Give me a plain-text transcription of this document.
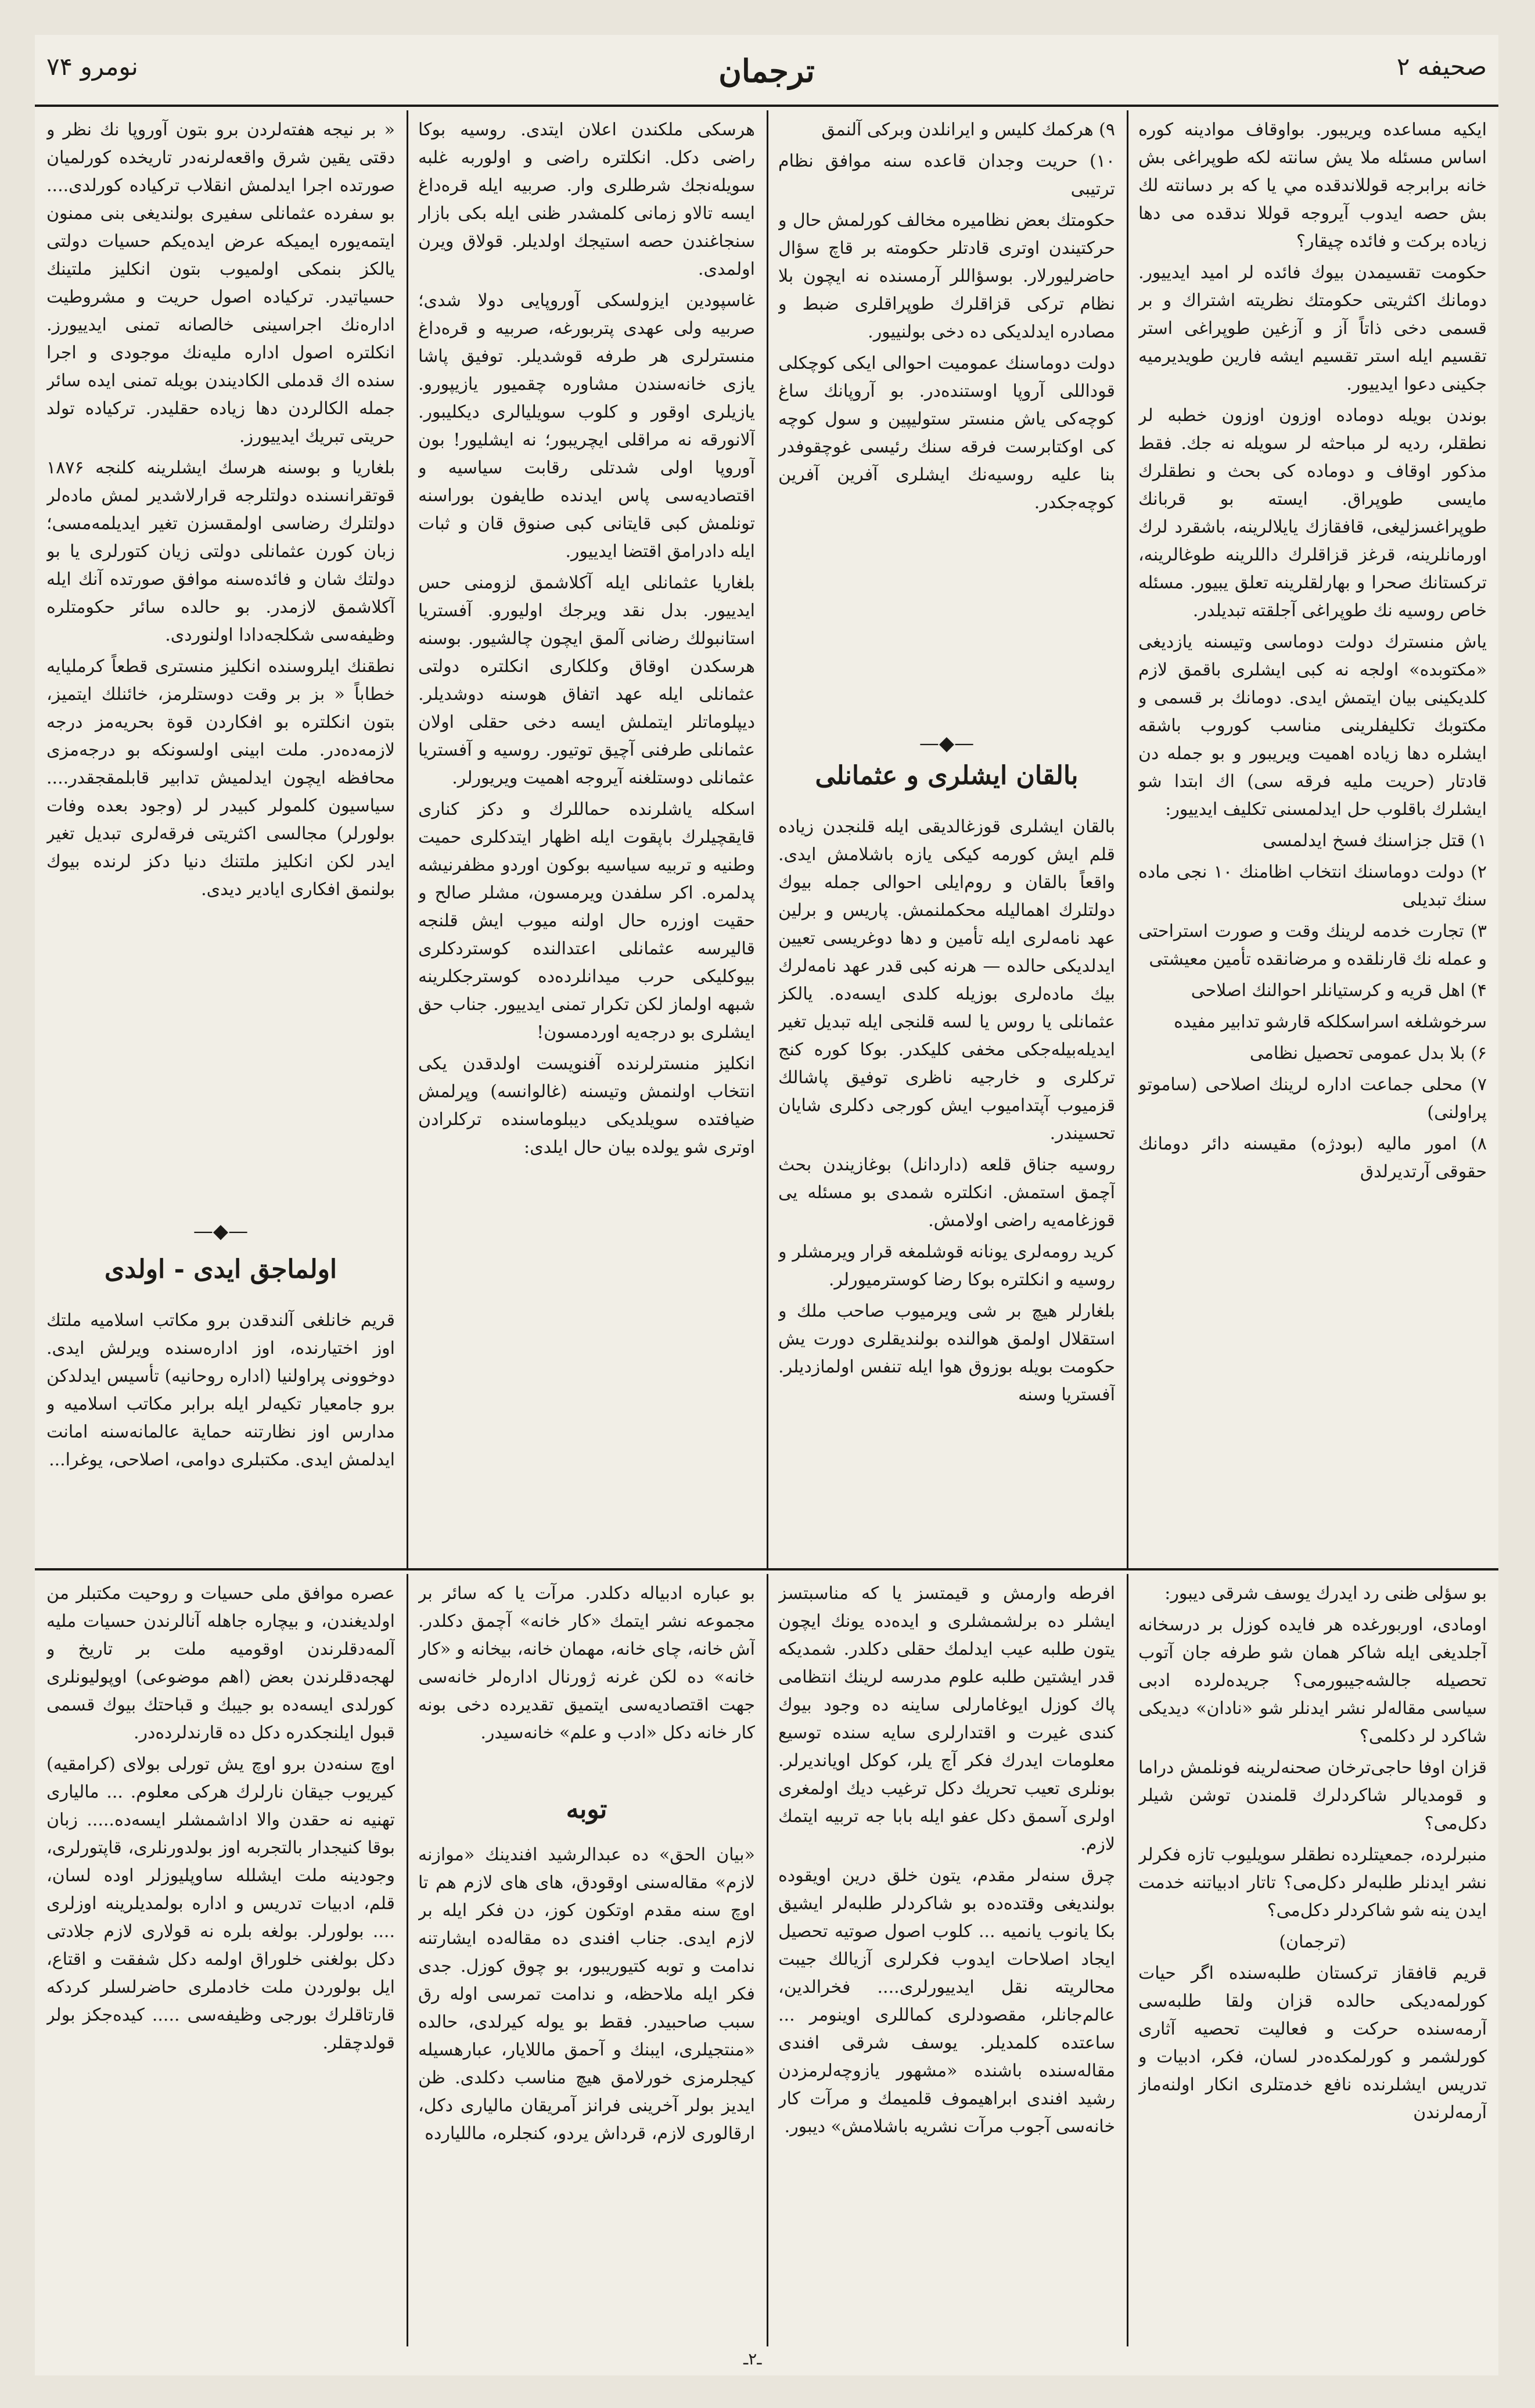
صحیفه ۲
ترجمان
نومرو ۷۴

ایکیه مساعده ویریبور. بواوقاف موادینه کوره اساس مسئله ملا یش سانته لکه طوپراغی بش خانه برابرجه قوللاندقده مي یا که بر دسانته لك بش حصه ایدوب آیروجه قوللا ندقده می دها زیاده برکت و فائده چیقار؟

حکومت تقسیمدن بیوك فائده لر امید ایدییور. دومانك اکثریتی حکومتك نظریته اشتراك و بر قسمی دخی ذاتاً آز و آزغین طوپراغی استر تقسیم ایله استر تقسیم ایشه فارین طویدیرمیه جکینی دعوا ایدییور.

بوندن بویله دوماده اوزون اوزون خطبه لر نطقلر، ردیه لر مباحثه لر سویله نه جك. فقط مذکور اوقاف و دوماده کی بحث و نطقلرك مایسی طوپراق. ایسته بو قربانك طوپراغسزلیغی، قافقازك یایلالرینه، باشقرد لرك اورمانلرینه، قرغز قزاقلرك داللرینه طوغالرینه، ترکستانك صحرا و بهارلقلرینه تعلق یبیور. مسئله خاص روسیه نك طوپراغی آجلقته تبدیلدر.

یاش منسترك دولت دوماسی وتیسنه یازدیغی «مکتوبده» اولجه نه کبی ایشلری باقمق لازم کلدیکینی بیان ایتمش ایدی. دومانك بر قسمی و مکتوبك تکلیفلرینی مناسب کوروب باشقه ایشلره دها زیاده اهمیت ویریبور و بو جمله دن قادتار (حریت ملیه فرقه سی) اك ابتدا شو ایشلرك باقلوب حل ایدلمسنی تکلیف ایدییور:

۱) قتل جزاسنك فسخ ایدلمسی

۲) دولت دوماسنك انتخاب اظامنك ۱۰ نجی ماده سنك تبدیلی

۳) تجارت خدمه لرینك وقت و صورت استراحتی و عمله نك قارنلقده و مرضانقده تأمین معیشتی

۴) اهل قریه و کرستیانلر احوالنك اصلاحی

سرخوشلغه اسراسکلکه قارشو تدابیر مفیده

۶) بلا بدل عمومی تحصیل نظامی

۷) محلی جماعت اداره لرینك اصلاحی (ساموتو پراولنی)

۸) امور مالیه (بودژه) مقیسنه دائر دومانك حقوقی آرتدیرلدق

۹) هرکمك کلیس و ایرانلدن وبرکی آلنمق

۱۰) حریت وجدان قاعده سنه موافق نظام ترتیبی

حکومتك بعض نظامیره مخالف کورلمش حال و حرکتیندن اوتری قادتلر حکومته بر قاچ سؤال حاضرلیورلار. بوسؤاللر آرمسنده نه ایچون بلا نظام ترکی قزاقلرك طوپراقلری ضبط و مصادره ایدلدیکی ده دخی بولنییور.

دولت دوماسنك عمومیت احوالی ایکی کوچکلی قوداللی آروپا اوستنده‌در. بو آروپانك ساغ کوچه‌کی یاش منستر ستولیپین و سول کوچه کی اوکتابرست فرقه سنك رئیسی غوچقوفدر بنا علیه روسیه‌نك ایشلری آفرین آفرین کوچه‌جکدر.

—◆—
بالقان ایشلری و عثمانلی

بالقان ایشلری قوزغالدیقی ایله قلنجدن زیاده قلم ایش کورمه کیکی یازه باشلامش ایدی. واقعاً بالقان و روم‌ایلی احوالی جمله بیوك دولتلرك اهمالیله محکملنمش. پاریس و برلین عهد نامه‌لری ایله تأمین و دها دوغریسی تعیین ایدلدیکی حالده — هرنه کبی قدر عهد نامه‌لرك بیك ماده‌لری بوزیله کلدی ایسه‌ده. یالکز عثمانلی یا روس یا لسه قلنجی ایله تبدیل تغیر ایدیله‌بیله‌جکی مخفی کلیکدر. بوکا کوره کنج ترکلری و خارجیه ناظری توفیق پاشالك قزمیوب آپتدامیوب ایش کورجی دکلری شایان تحسیندر.

روسیه جناق قلعه (داردانل) بوغازیندن بحث آچمق استمش. انکلتره شمدی بو مسئله یی قوزغامه‌یه راضی اولامش.

کرید رومه‌لری یونانه قوشلمغه قرار ویرمشلر و روسیه و انکلتره بوکا رضا کوسترمیورلر.

بلغارلر هیچ بر شی ویرمیوب صاحب ملك و استقلال اولمق هوالنده بولندیقلری دورت یش حکومت بویله بوزوق هوا ایله تنفس اولمازدیلر. آفستریا وسنه

هرسکی ملکندن اعلان ایتدی. روسیه بوکا راضی دکل. انکلتره راضی و اولوربه غلبه سویله‌نجك شرطلری وار. صربیه ایله قره‌داغ ایسه تالاو زمانی کلمشدر ظنی ایله بکی بازار سنجاغندن حصه استیجك اولدیلر. قولاق ویرن اولمدی.

غاسپودین ایزولسکی آوروپایی دولا شدی؛ صربیه ولی عهدی پتربورغه، صربیه و قره‌داغ منسترلری هر طرفه قوشدیلر. توفیق پاشا یازی خانه‌سندن مشاوره چقمیور یازیپورو. یازیلری اوقور و کلوب سویلیالری دیکلیبور. آلانورقه نه مراقلی ایچریبور؛ نه ایشلیور! بون آوروپا اولی شدتلی رقابت سیاسیه و اقتصادیه‌سی پاس ایدنده طایفون بوراسنه تونلمش کبی قایتانی کبی صنوق قان و ثبات ایله دادرامق اقتضا ایدییور.

بلغاریا عثمانلی ایله آکلاشمق لزومنی حس ایدییور. بدل نقد ویرجك اولیورو. آفستریا استانبولك رضانی آلمق ایچون چالشیور. بوسنه هرسکدن اوقاق وکلکاری انکلتره دولتی عثمانلی ایله عهد اتفاق هوسنه دوشدیلر. دیپلوماتلر ایتملش ایسه دخی حقلی اولان عثمانلی طرفنی آچیق توتیور. روسیه و آفستریا عثمانلی دوستلغنه آیروجه اهمیت ویریورلر.

اسکله یاشلرنده حماللرك و دکز کناری قایقچیلرك باپقوت ایله اظهار ایتدکلری حمیت وطنیه و تربیه سیاسیه بوکون اوردو مظفرنیشه پدلمره. اکر سلفدن ویرمسون، مشلر صالح و حقیت اوزره حال اولنه میوب ایش قلنجه قالیرسه عثمانلی اعتدالنده کوستردکلری بیوکلیکی حرب میدانلرده‌ده کوسترجکلرینه شبهه اولماز لکن تکرار تمنی ایدییور. جناب حق ایشلری بو درجه‌یه اوردمسون!

انکلیز منسترلرنده آفنویست اولدقدن یکی انتخاب اولنمش وتیسنه (غالوانسه) وپرلمش ضیافتده سویلدیکی دیبلوماسنده ترکلرادن اوتری شو یولده بیان حال ایلدی:

« بر نیجه هفته‌لردن برو بتون آوروپا نك نظر و دقتی یقین شرق واقعه‌لرنه‌در تاریخده کورلمیان صورتده اجرا ایدلمش انقلاب ترکیاده کورلدی.... بو سفرده عثمانلی سفیری بولندیغی بنی ممنون ایتمه‌یوره ایمیکه عرض ایده‌یکم حسیات دولتی یالکز بنمکی اولمیوب بتون انکلیز ملتینك حسیاتیدر. ترکیاده اصول حریت و مشروطیت اداره‌نك اجراسینی خالصانه تمنی ایدییورز. انکلتره اصول اداره ملیه‌نك موجودی و اجرا سنده اك قدملی الکادیندن بویله تمنی ایده سائر جمله الکالردن دها زیاده حقلیدر. ترکیاده تولد حریتی تبریك ایدییورز.

بلغاریا و بوسنه هرسك ایشلرینه کلنجه ۱۸۷۶ قوتقرانسنده دولتلرجه قرارلاشدیر لمش ماده‌لر دولتلرك رضاسی اولمقسزن تغیر ایدیلمه‌مسی؛ زبان کورن عثمانلی دولتی زیان کتورلری یا بو دولتك شان و فائده‌سنه موافق صورتده آنك ایله آکلاشمق لازمدر. بو حالده سائر حکومتلره وظیفه‌سی شکلجه‌دادا اولنوردی.

نطقنك ایلروسنده انکلیز منستری قطعاً کرملیایه خطاباً « بز بر وقت دوستلرمز، خائنلك ایتمیز، بتون انکلتره بو افکاردن قوة بحریه‌مز درجه لازمه‌ده‌در. ملت ابینی اولسونکه بو درجه‌مزی محافظه ایچون ایدلمیش تدابیر قابلمقجقدر.... سیاسیون کلمولر کبیدر لر (وجود بعده وفات بولورلر) مجالسی اکثریتی فرقه‌لری تبدیل تغیر ایدر لکن انکلیز ملتنك دنیا دکز لرنده بیوك بولنمق افکاری ایادیر دیدی.

—◆—
اولماجق ایدی - اولدی

قریم خانلغی آلندقدن برو مکاتب اسلامیه ملتك اوز اختیارنده، اوز اداره‌سنده ویرلش ایدی. دوخوونی پراولنیا (اداره روحانیه) تأسیس ایدلدکن برو جامعیار تکیه‌لر ایله برابر مکاتب اسلامیه و مدارس اوز نظارتنه حمایة عالمانه‌سنه امانت ایدلمش ایدی. مکتبلری دوامی، اصلاحی، یوغرا...

بو سؤلی ظنی رد ایدرك یوسف شرقی دیبور:

اومادی، اوربورغده هر فایده کوزل بر درسخانه آجلدیغی ایله شاکر همان شو طرفه جان آتوب تحصیله جالشه‌جیبورمی؟ جریده‌لرده ادبی سیاسی مقاله‌لر نشر ایدنلر شو «نادان» دیدیکی شاکرد لر دکلمی؟

قزان اوفا حاجی‌ترخان صحنه‌لرینه فونلمش دراما و قومدیالر شاکردلرك قلمندن توشن شیلر دکل‌می؟

منبرلرده، جمعیتلرده نطقلر سویلیوب تازه فکرلر نشر ایدنلر طلبه‌لر دکل‌می؟ تاتار ادبیاتنه خدمت ایدن ینه شو شاکردلر دکل‌می؟

(ترجمان)

قریم قافقاز ترکستان طلبه‌سنده اگر حیات کورلمه‌دیکی حالده قزان ولقا طلبه‌سی آرمه‌سنده حرکت و فعالیت تحصیه آثاری کورلشمر و کورلمکده‌در لسان، فکر، ادبیات و تدریس ایشلرنده نافع خدمتلری انکار اولنه‌ماز آرمه‌لرندن

افرطه وارمش و قیمتسز یا که مناسبتسز ایشلر ده برلشمشلری و ایده‌ده یونك ایچون یتون طلبه عیب ایدلمك حقلی دکلدر. شمدیکه قدر ایشتین طلبه علوم مدرسه لرینك انتظامی پاك کوزل ایوغامارلی ساینه ده وجود بیوك کندی غیرت و اقتدارلری سایه سنده توسیع معلومات ایدرك فکر آچ یلر، کوکل اویاندیرلر. بونلری تعیب تحریك دکل ترغیب دیك اولمغری اولری آسمق دکل عفو ایله بابا جه تربیه ایتمك لازم.

چرق سنه‌لر مقدم، یتون خلق درین اویقوده بولندیغی وقتده‌ده بو شاکردلر طلبه‌لر ایشیق بکا یانوب یانمیه ... کلوب اصول صوتیه تحصیل ایجاد اصلاحات ایدوب فکرلری آزیالك جیبت محالریته نقل ایدییورلری.... فخرالدین، عالم‌جانلر، مقصودلری کماللری اوینومر ... ساعتده کلمدیلر. یوسف شرقی افندی مقاله‌سنده باشنده «مشهور یازوچه‌لرمزدن رشید افندی ابراهیموف قلمیمك و مرآت کار خانه‌سی آجوب مرآت نشریه باشلامش» دیبور.

بو عباره ادبیاله دکلدر. مرآت یا که سائر بر مجموعه نشر ایتمك «کار خانه» آچمق دکلدر. آش خانه، چای خانه، مهمان خانه، بیخانه و «کار خانه» ده لکن غرنه ژورنال اداره‌لر خانه‌سی جهت اقتصادیه‌سی ایتمیق تقدیرده دخی بونه کار خانه دکل «ادب و علم» خانه‌سیدر.

توبه

«بیان الحق» ده عبدالرشید افندینك «موازنه لازم» مقاله‌سنی اوقودق، های های لازم هم تا اوچ سنه مقدم اوتکون کوز، دن فکر ایله بر لازم ایدی. جناب افندی ده مقاله‌ده ایشارتنه ندامت و توبه کتیوریبور، بو چوق کوزل. جدی فکر ایله ملاحظه، و ندامت تمرسی اوله رق سبب صاحبیدر. فقط بو یوله کیرلدی، حالده «منتجیلری، ایبنك و آحمق ماللایار، عبارهسیله کیجلرمزی خورلامق هیچ مناسب دکلدی. ظن ایدیز بولر آخرینی فرانز آمریقان مالیاری دکل، ارقالوری لازم، قرداش یردو، کنجلره، ماللیارده

عصره موافق ملی حسیات و روحیت مکتبلر من اولدیغندن، و بیچاره جاهله آنالرندن حسیات ملیه آلمه‌دقلرندن اوقومیه ملت بر تاریخ و لهجه‌دقلرندن بعض (اهم موضوعی) اوپولیونلری کورلدی ایسه‌ده بو جیبك و قباحتك بیوك قسمی قبول ایلنجکدره دکل ده قارندلرده‌در.

اوچ سنه‌دن برو اوچ یش تورلی بولای (کرامقیه) کیریوب جیقان نارلرك هرکی معلوم. ... مالیاری تهنیه نه حقدن والا اداشمشلر ایسه‌ده..... زبان بوقا کنیجدار بالتجربه اوز بولدورنلری، قاپتورلری، وجودینه ملت ایشلله ساوپلیوزلر اوده لسان، قلم، ادبیات تدریس و اداره بولمدیلرینه اوزلری .... بولورلر. بولغه بلره نه قولاری لازم جلادتی دکل بولغنی خلوراق اولمه دکل شفقت و اقتاع، ایل بولوردن ملت خادملری حاضرلسلر کردکه قارتاقلرك بورجی وظیفه‌سی ..... کیده‌جکز بولر قولدچقلر.

ـ۲ـ
